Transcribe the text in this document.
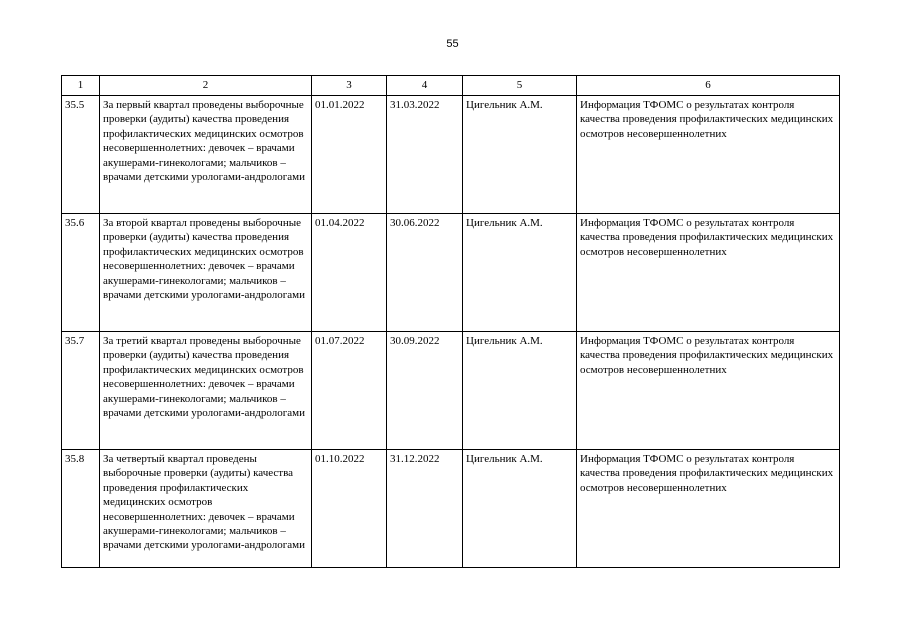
55
1	2	3	4	5	6
35.5	За первый квартал проведены выборочные проверки (аудиты) качества проведения профилактических медицинских осмотров несовершеннолетних: девочек – врачами акушерами-гинекологами; мальчиков – врачами детскими урологами-андрологами	01.01.2022	31.03.2022	Цигельник А.М.	Информация ТФОМС о результатах контроля качества проведения профилактических медицинских осмотров несовершеннолетних
35.6	За второй квартал проведены выборочные проверки (аудиты) качества проведения профилактических медицинских осмотров несовершеннолетних: девочек – врачами акушерами-гинекологами; мальчиков – врачами детскими урологами-андрологами	01.04.2022	30.06.2022	Цигельник А.М.	Информация ТФОМС о результатах контроля качества проведения профилактических медицинских осмотров несовершеннолетних
35.7	За третий квартал проведены выборочные проверки (аудиты) качества проведения профилактических медицинских осмотров несовершеннолетних: девочек – врачами акушерами-гинекологами; мальчиков – врачами детскими урологами-андрологами	01.07.2022	30.09.2022	Цигельник А.М.	Информация ТФОМС о результатах контроля качества проведения профилактических медицинских осмотров несовершеннолетних
35.8	За четвертый квартал проведены выборочные проверки (аудиты) качества проведения профилактических медицинских осмотров несовершеннолетних: девочек – врачами акушерами-гинекологами; мальчиков – врачами детскими урологами-андрологами	01.10.2022	31.12.2022	Цигельник А.М.	Информация ТФОМС о результатах контроля качества проведения профилактических медицинских осмотров несовершеннолетних
